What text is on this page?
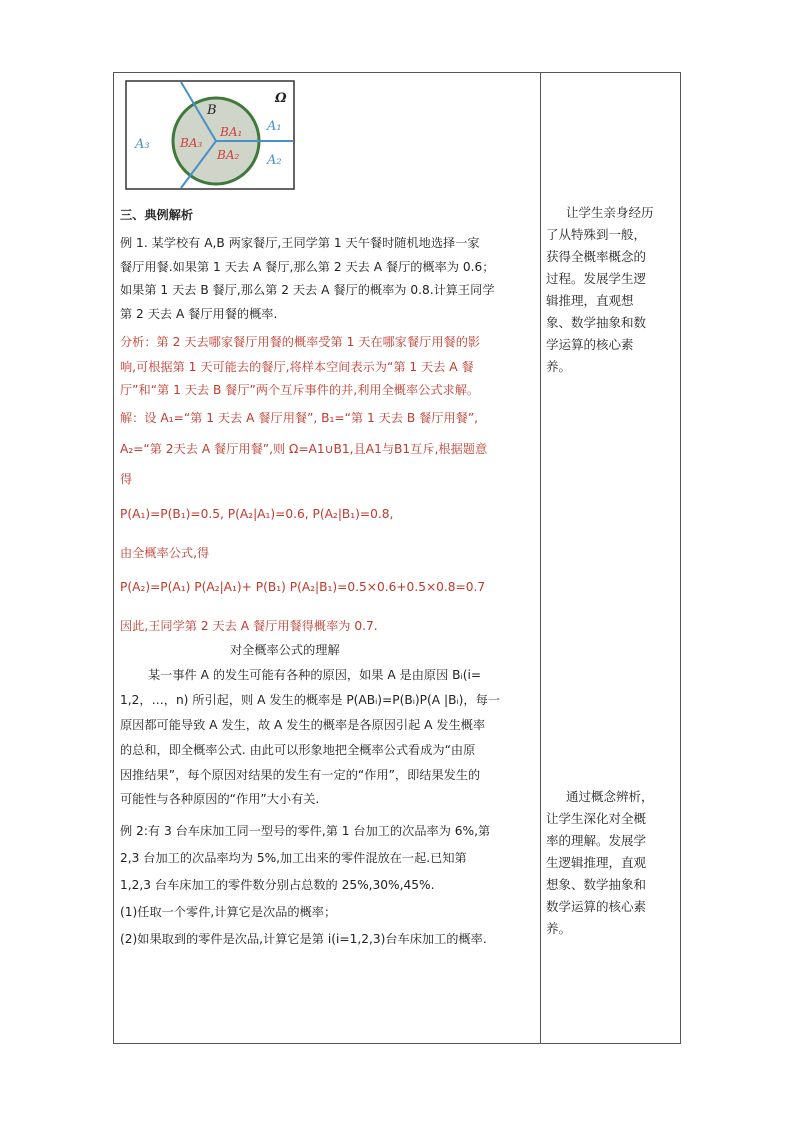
Ω
B
BA₁
BA₂
BA₃
A₁
A₂
A₃
三、典例解析
例 1. 某学校有 A,B 两家餐厅,王同学第 1 天午餐时随机地选择一家
餐厅用餐.如果第 1 天去 A 餐厅,那么第 2 天去 A 餐厅的概率为 0.6；
如果第 1 天去 B 餐厅,那么第 2 天去 A 餐厅的概率为 0.8.计算王同学
第 2 天去 A 餐厅用餐的概率.
分析：第 2 天去哪家餐厅用餐的概率受第 1 天在哪家餐厅用餐的影
响,可根据第 1 天可能去的餐厅,将样本空间表示为“第 1 天去 A 餐
厅”和“第 1 天去 B 餐厅”两个互斥事件的并,利用全概率公式求解。
解：设 A₁=“第 1 天去 A 餐厅用餐”, B₁=“第 1 天去 B 餐厅用餐”,
A₂=“第 2天去 A 餐厅用餐”,则 Ω=A1∪B1,且A1与B1互斥,根据题意
得
P(A₁)=P(B₁)=0.5, P(A₂|A₁)=0.6, P(A₂|B₁)=0.8,
由全概率公式,得
P(A₂)=P(A₁) P(A₂|A₁)+ P(B₁) P(A₂|B₁)=0.5×0.6+0.5×0.8=0.7
因此,王同学第 2 天去 A 餐厅用餐得概率为 0.7.
对全概率公式的理解
某一事件 A 的发生可能有各种的原因，如果 A 是由原因 Bᵢ(i=
1,2，…，n) 所引起，则 A 发生的概率是 P(ABᵢ)=P(Bᵢ)P(A |Bᵢ)，每一
原因都可能导致 A 发生，故 A 发生的概率是各原因引起 A 发生概率
的总和，即全概率公式. 由此可以形象地把全概率公式看成为“由原
因推结果”，每个原因对结果的发生有一定的“作用”，即结果发生的
可能性与各种原因的“作用”大小有关.
例 2:有 3 台车床加工同一型号的零件,第 1 台加工的次品率为 6%,第
2,3 台加工的次品率均为 5%,加工出来的零件混放在一起.已知第
1,2,3 台车床加工的零件数分别占总数的 25%,30%,45%.
(1)任取一个零件,计算它是次品的概率；
(2)如果取到的零件是次品,计算它是第 i(i=1,2,3)台车床加工的概率.
让学生亲身经历
了从特殊到一般，
获得全概率概念的
过程。发展学生逻
辑推理，直观想
象、数学抽象和数
学运算的核心素
养。
通过概念辨析，
让学生深化对全概
率的理解。发展学
生逻辑推理，直观
想象、数学抽象和
数学运算的核心素
养。
